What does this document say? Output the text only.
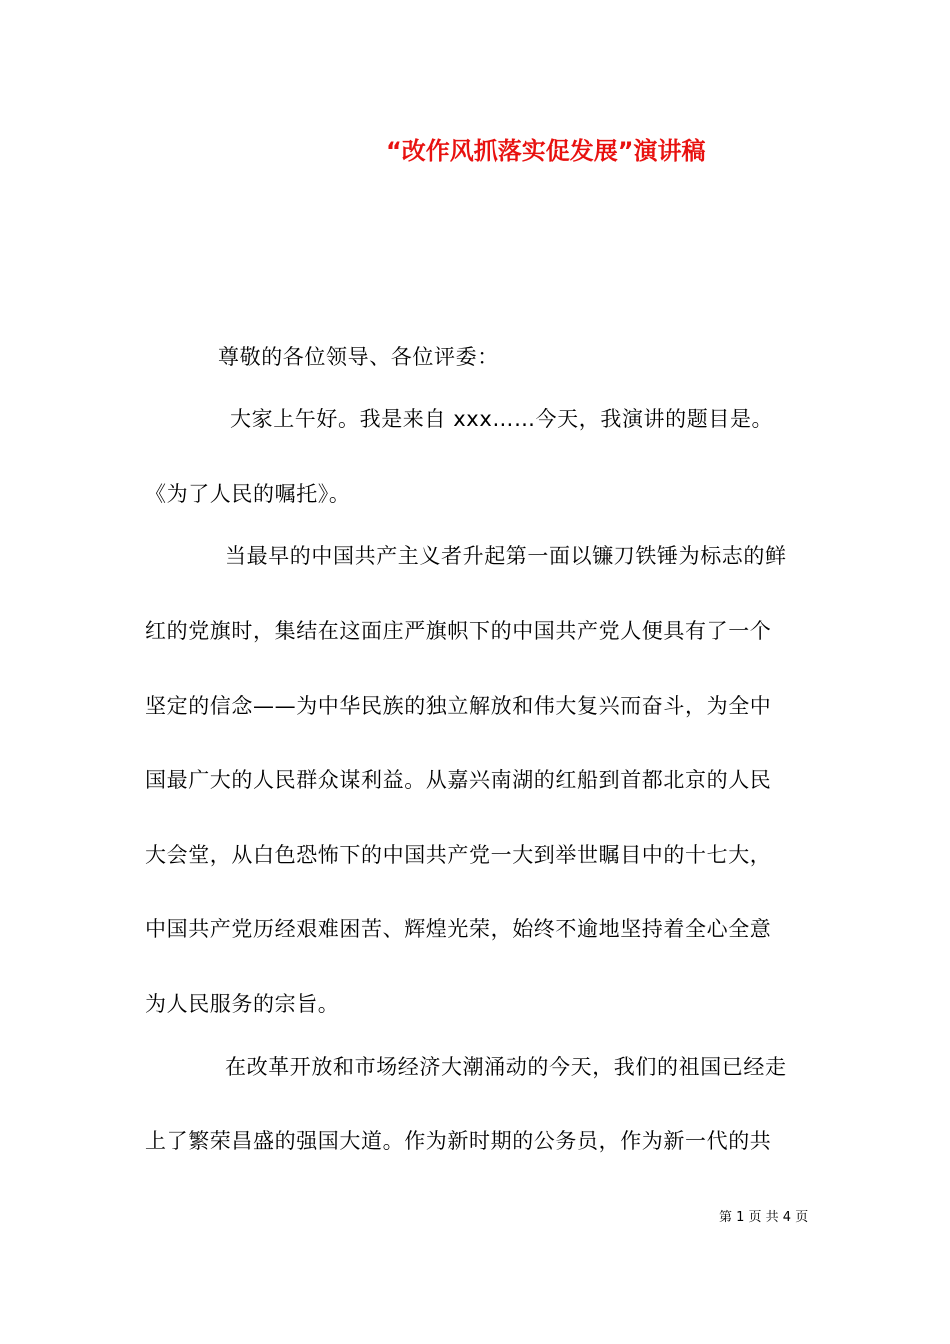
“改作风抓落实促发展”演讲稿
尊敬的各位领导、各位评委：
大家上午好。我是来自 xxx……今天，我演讲的题目是。
《为了人民的嘱托》。
当最早的中国共产主义者升起第一面以镰刀铁锤为标志的鲜
红的党旗时，集结在这面庄严旗帜下的中国共产党人便具有了一个
坚定的信念——为中华民族的独立解放和伟大复兴而奋斗，为全中
国最广大的人民群众谋利益。从嘉兴南湖的红船到首都北京的人民
大会堂，从白色恐怖下的中国共产党一大到举世瞩目中的十七大，
中国共产党历经艰难困苦、辉煌光荣，始终不逾地坚持着全心全意
为人民服务的宗旨。
在改革开放和市场经济大潮涌动的今天，我们的祖国已经走
上了繁荣昌盛的强国大道。作为新时期的公务员，作为新一代的共
第 1 页 共 4 页
